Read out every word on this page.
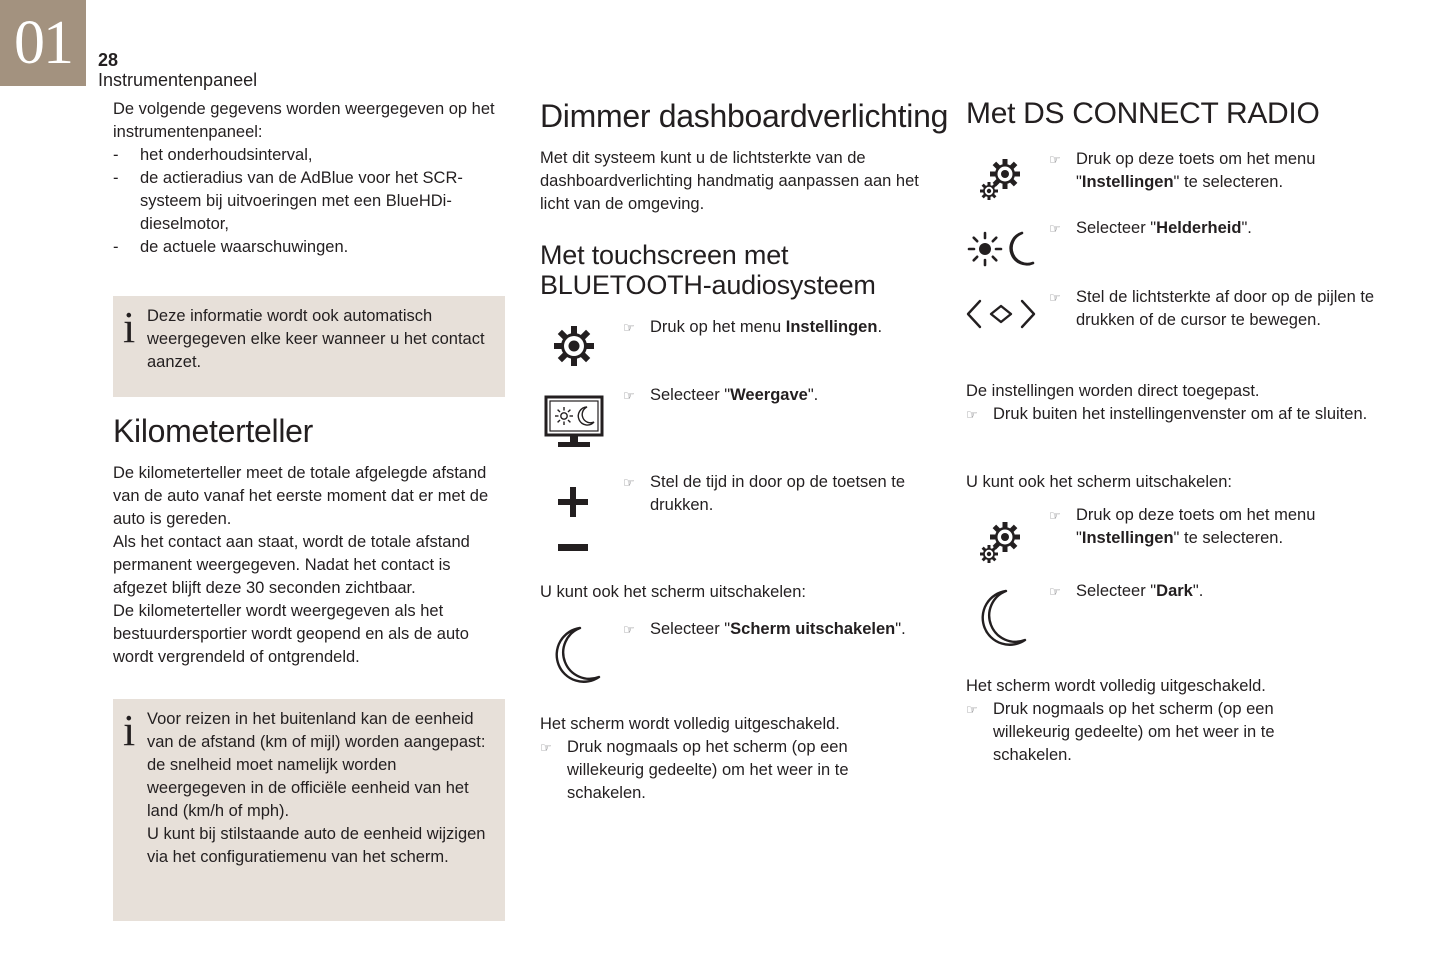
01	28
Instrumentenpaneel

De volgende gegevens worden weergegeven op het instrumentenpaneel:

- het onderhoudsinterval,
- de actieradius van de AdBlue voor het SCR-systeem bij uitvoeringen met een BlueHDi-dieselmotor,
- de actuele waarschuwingen.
i Deze informatie wordt ook automatisch weergegeven elke keer wanneer u het contact aanzet.

Kilometerteller

De kilometerteller meet de totale afgelegde afstand van de auto vanaf het eerste moment dat er met de auto is gereden.

Als het contact aan staat, wordt de totale afstand permanent weergegeven. Nadat het contact is afgezet blijft deze 30 seconden zichtbaar.

De kilometerteller wordt weergegeven als het bestuurdersportier wordt geopend en als de auto wordt vergrendeld of ontgrendeld.

i Voor reizen in het buitenland kan de eenheid van de afstand (km of mijl) worden aangepast: de snelheid moet namelijk worden weergegeven in de officiële eenheid van het land (km/h of mph).

U kunt bij stilstaande auto de eenheid wijzigen via het configuratiemenu van het scherm.

Dimmer dashboardverlichting

Met dit systeem kunt u de lichtsterkte van de dashboardverlichting handmatig aanpassen aan het licht van de omgeving.

Met touchscreen met
BLUETOOTH-audiosysteem
☞ Druk op het menu Instellingen.
☞ Selecteer "Weergave".
☞ Stel de tijd in door op de toetsen te drukken.

U kunt ook het scherm uitschakelen:

☞ Selecteer "Scherm uitschakelen".

Het scherm wordt volledig uitgeschakeld.

☞ Druk nogmaals op het scherm (op een willekeurig gedeelte) om het weer in te schakelen.
Met DS CONNECT RADIO
☞ Druk op deze toets om het menu "Instellingen" te selecteren.
☞ Selecteer "Helderheid".
☞ Stel de lichtsterkte af door op de pijlen te drukken of de cursor te bewegen.

De instellingen worden direct toegepast.

☞ Druk buiten het instellingenvenster om af te sluiten.

U kunt ook het scherm uitschakelen:

☞ Druk op deze toets om het menu "Instellingen" te selecteren.
☞ Selecteer "Dark".

Het scherm wordt volledig uitgeschakeld.

☞ Druk nogmaals op het scherm (op een willekeurig gedeelte) om het weer in te schakelen.
